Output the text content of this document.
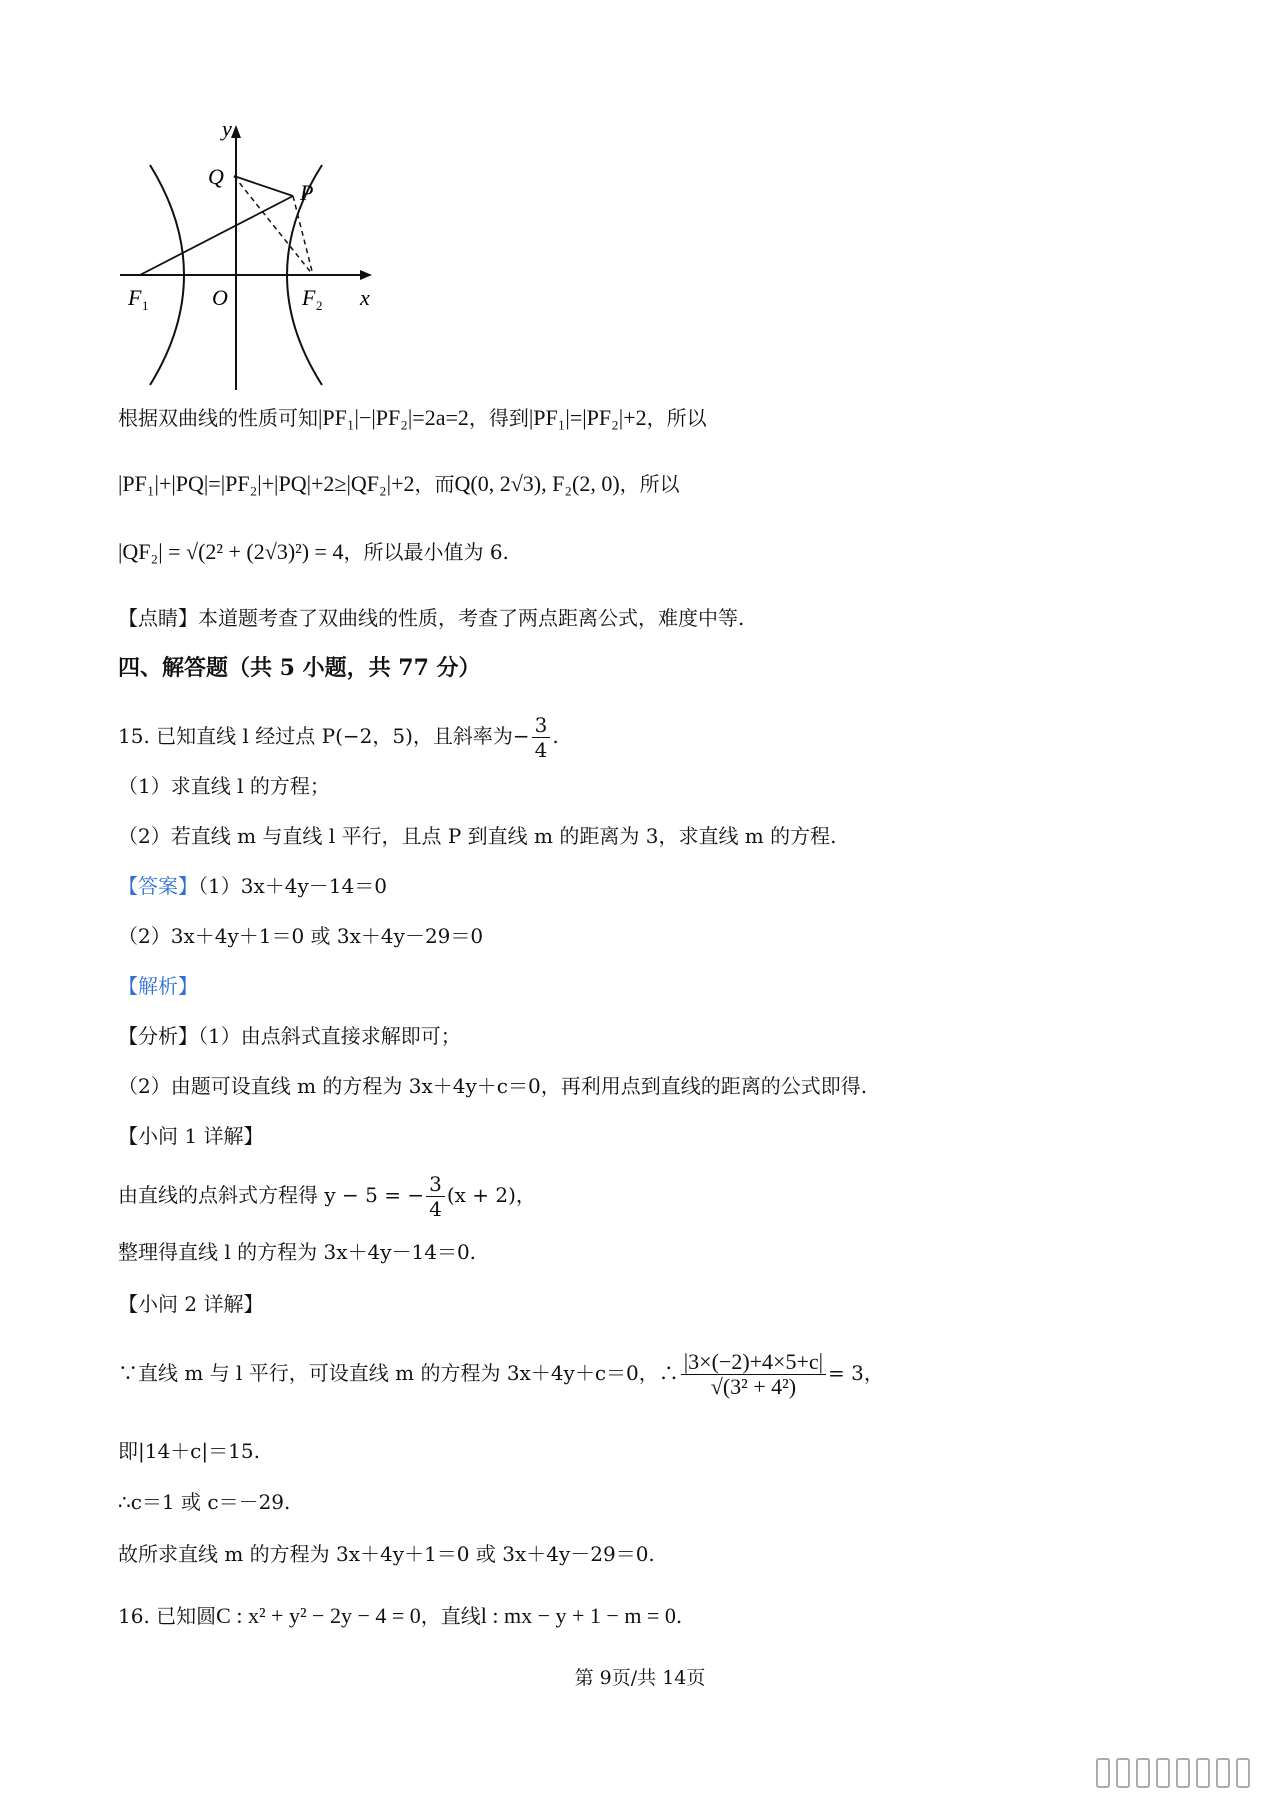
y
Q
P
O	x
F 1	F 2
根据双曲线的性质可知|PF₁|−|PF₂|=2a=2，得到|PF₁|=|PF₂|+2，所以
|PF₁|+|PQ|=|PF₂|+|PQ|+2≥|QF₂|+2，而Q(0, 2√3), F₂(2, 0)，所以
|QF₂| = √(2² + (2√3)²) = 4，所以最小值为 6.
【点睛】本道题考查了双曲线的性质，考查了两点距离公式，难度中等.
四、解答题（共 5 小题，共 77 分）
15. 已知直线 l 经过点 P(−2，5)，且斜率为− $\frac{3}{4}$ .
（1）求直线 l 的方程；
（2）若直线 m 与直线 l 平行，且点 P 到直线 m 的距离为 3，求直线 m 的方程.
【答案】（1）3x＋4y－14＝0
（2）3x＋4y＋1＝0 或 3x＋4y－29＝0
【解析】
【分析】（1）由点斜式直接求解即可；
（2）由题可设直线 m 的方程为 3x＋4y＋c＝0，再利用点到直线的距离的公式即得.
【小问 1 详解】
由直线的点斜式方程得 y − 5 = − $\frac{3}{4} (x + 2)$，
整理得直线 l 的方程为 3x＋4y－14＝0.
【小问 2 详解】
∵直线 m 与 l 平行，可设直线 m 的方程为 3x＋4y＋c＝0，∴ $\frac{|3\times(-2)+4\times 5+c|}{\text{√(3² + 4²)}} = 3$，
即|14＋c|＝15.
∴c＝1 或 c＝－29.
故所求直线 m 的方程为 3x＋4y＋1＝0 或 3x＋4y－29＝0.
16. 已知圆C : x² + y² − 2y − 4 = 0，直线l : mx − y + 1 − m = 0.
第 9页/共 14页
